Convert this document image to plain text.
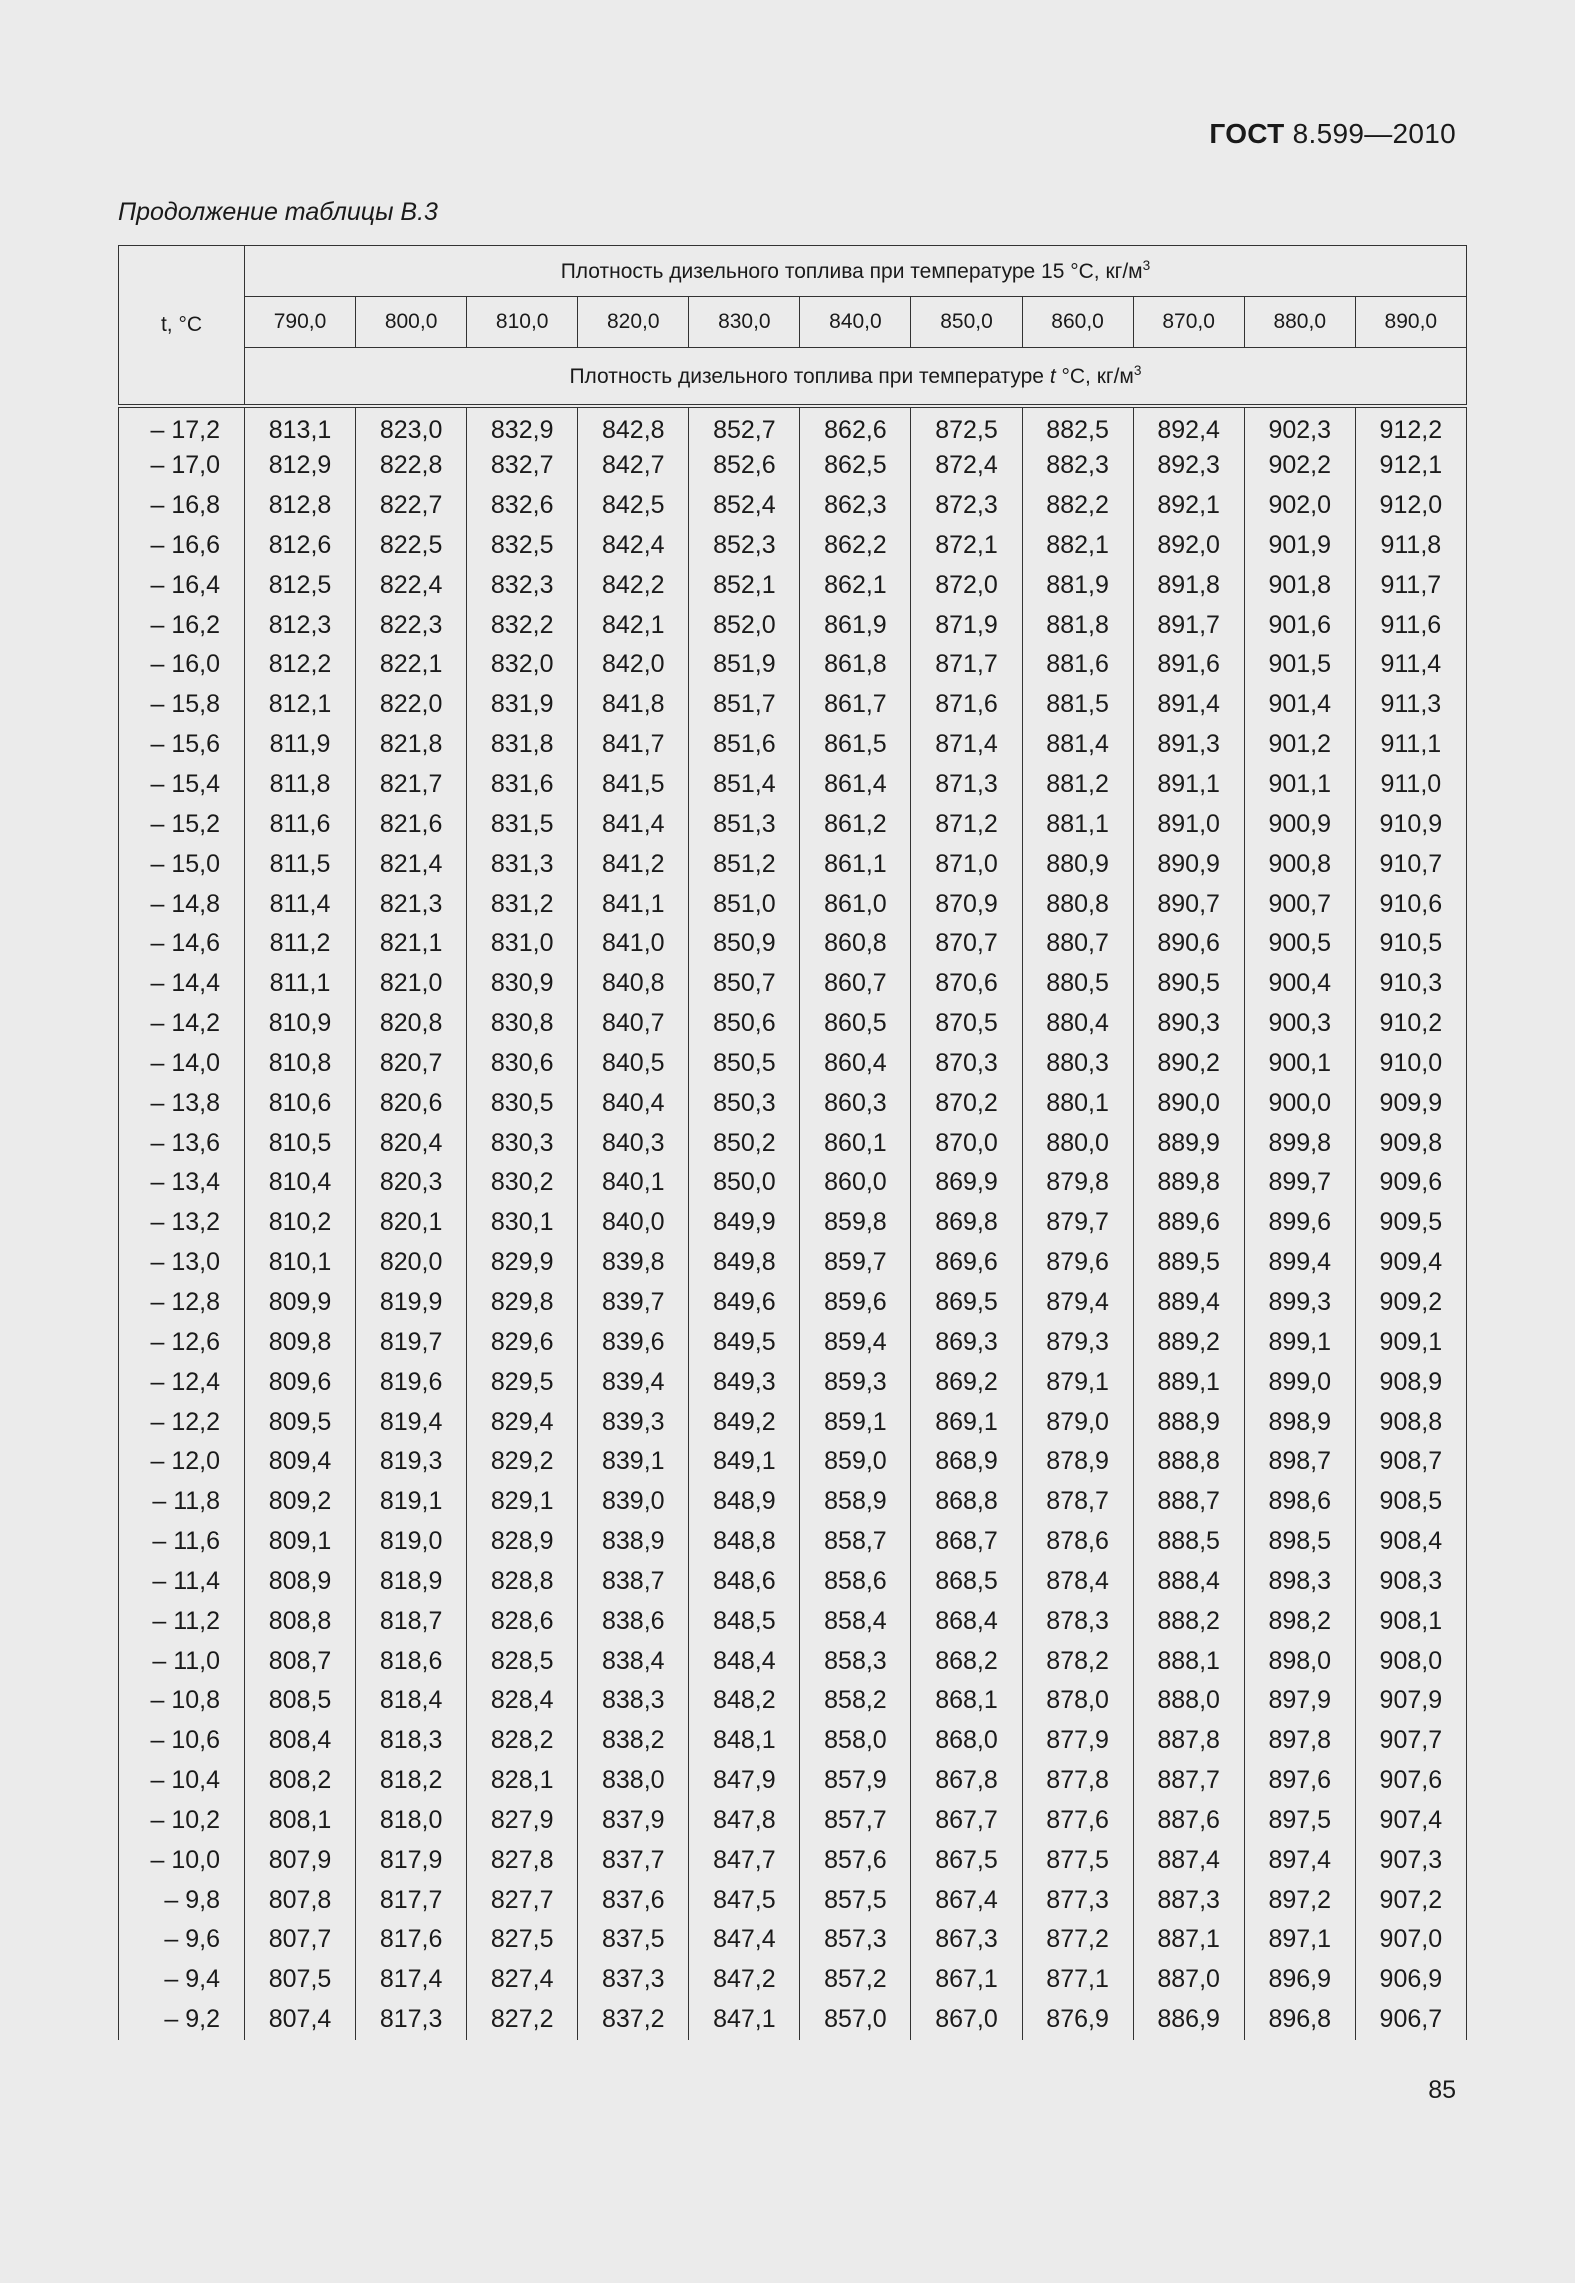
ГОСТ 8.599—2010
Продолжение таблицы В.3
t, °С	Плотность дизельного топлива при температуре 15 °С, $кг/м^3$
	790,0	800,0	810,0	820,0	830,0	840,0	850,0	860,0	870,0	880,0	890,0
	Плотность дизельного топлива при температуре t °С, $кг/м^3$
– 17,2	813,1	823,0	832,9	842,8	852,7	862,6	872,5	882,5	892,4	902,3	912,2
– 17,0	812,9	822,8	832,7	842,7	852,6	862,5	872,4	882,3	892,3	902,2	912,1
– 16,8	812,8	822,7	832,6	842,5	852,4	862,3	872,3	882,2	892,1	902,0	912,0
– 16,6	812,6	822,5	832,5	842,4	852,3	862,2	872,1	882,1	892,0	901,9	911,8
– 16,4	812,5	822,4	832,3	842,2	852,1	862,1	872,0	881,9	891,8	901,8	911,7
– 16,2	812,3	822,3	832,2	842,1	852,0	861,9	871,9	881,8	891,7	901,6	911,6
– 16,0	812,2	822,1	832,0	842,0	851,9	861,8	871,7	881,6	891,6	901,5	911,4
– 15,8	812,1	822,0	831,9	841,8	851,7	861,7	871,6	881,5	891,4	901,4	911,3
– 15,6	811,9	821,8	831,8	841,7	851,6	861,5	871,4	881,4	891,3	901,2	911,1
– 15,4	811,8	821,7	831,6	841,5	851,4	861,4	871,3	881,2	891,1	901,1	911,0
– 15,2	811,6	821,6	831,5	841,4	851,3	861,2	871,2	881,1	891,0	900,9	910,9
– 15,0	811,5	821,4	831,3	841,2	851,2	861,1	871,0	880,9	890,9	900,8	910,7
– 14,8	811,4	821,3	831,2	841,1	851,0	861,0	870,9	880,8	890,7	900,7	910,6
– 14,6	811,2	821,1	831,0	841,0	850,9	860,8	870,7	880,7	890,6	900,5	910,5
– 14,4	811,1	821,0	830,9	840,8	850,7	860,7	870,6	880,5	890,5	900,4	910,3
– 14,2	810,9	820,8	830,8	840,7	850,6	860,5	870,5	880,4	890,3	900,3	910,2
– 14,0	810,8	820,7	830,6	840,5	850,5	860,4	870,3	880,3	890,2	900,1	910,0
– 13,8	810,6	820,6	830,5	840,4	850,3	860,3	870,2	880,1	890,0	900,0	909,9
– 13,6	810,5	820,4	830,3	840,3	850,2	860,1	870,0	880,0	889,9	899,8	909,8
– 13,4	810,4	820,3	830,2	840,1	850,0	860,0	869,9	879,8	889,8	899,7	909,6
– 13,2	810,2	820,1	830,1	840,0	849,9	859,8	869,8	879,7	889,6	899,6	909,5
– 13,0	810,1	820,0	829,9	839,8	849,8	859,7	869,6	879,6	889,5	899,4	909,4
– 12,8	809,9	819,9	829,8	839,7	849,6	859,6	869,5	879,4	889,4	899,3	909,2
– 12,6	809,8	819,7	829,6	839,6	849,5	859,4	869,3	879,3	889,2	899,1	909,1
– 12,4	809,6	819,6	829,5	839,4	849,3	859,3	869,2	879,1	889,1	899,0	908,9
– 12,2	809,5	819,4	829,4	839,3	849,2	859,1	869,1	879,0	888,9	898,9	908,8
– 12,0	809,4	819,3	829,2	839,1	849,1	859,0	868,9	878,9	888,8	898,7	908,7
– 11,8	809,2	819,1	829,1	839,0	848,9	858,9	868,8	878,7	888,7	898,6	908,5
– 11,6	809,1	819,0	828,9	838,9	848,8	858,7	868,7	878,6	888,5	898,5	908,4
– 11,4	808,9	818,9	828,8	838,7	848,6	858,6	868,5	878,4	888,4	898,3	908,3
– 11,2	808,8	818,7	828,6	838,6	848,5	858,4	868,4	878,3	888,2	898,2	908,1
– 11,0	808,7	818,6	828,5	838,4	848,4	858,3	868,2	878,2	888,1	898,0	908,0
– 10,8	808,5	818,4	828,4	838,3	848,2	858,2	868,1	878,0	888,0	897,9	907,9
– 10,6	808,4	818,3	828,2	838,2	848,1	858,0	868,0	877,9	887,8	897,8	907,7
– 10,4	808,2	818,2	828,1	838,0	847,9	857,9	867,8	877,8	887,7	897,6	907,6
– 10,2	808,1	818,0	827,9	837,9	847,8	857,7	867,7	877,6	887,6	897,5	907,4
– 10,0	807,9	817,9	827,8	837,7	847,7	857,6	867,5	877,5	887,4	897,4	907,3
– 9,8	807,8	817,7	827,7	837,6	847,5	857,5	867,4	877,3	887,3	897,2	907,2
– 9,6	807,7	817,6	827,5	837,5	847,4	857,3	867,3	877,2	887,1	897,1	907,0
– 9,4	807,5	817,4	827,4	837,3	847,2	857,2	867,1	877,1	887,0	896,9	906,9
– 9,2	807,4	817,3	827,2	837,2	847,1	857,0	867,0	876,9	886,9	896,8	906,7
85
